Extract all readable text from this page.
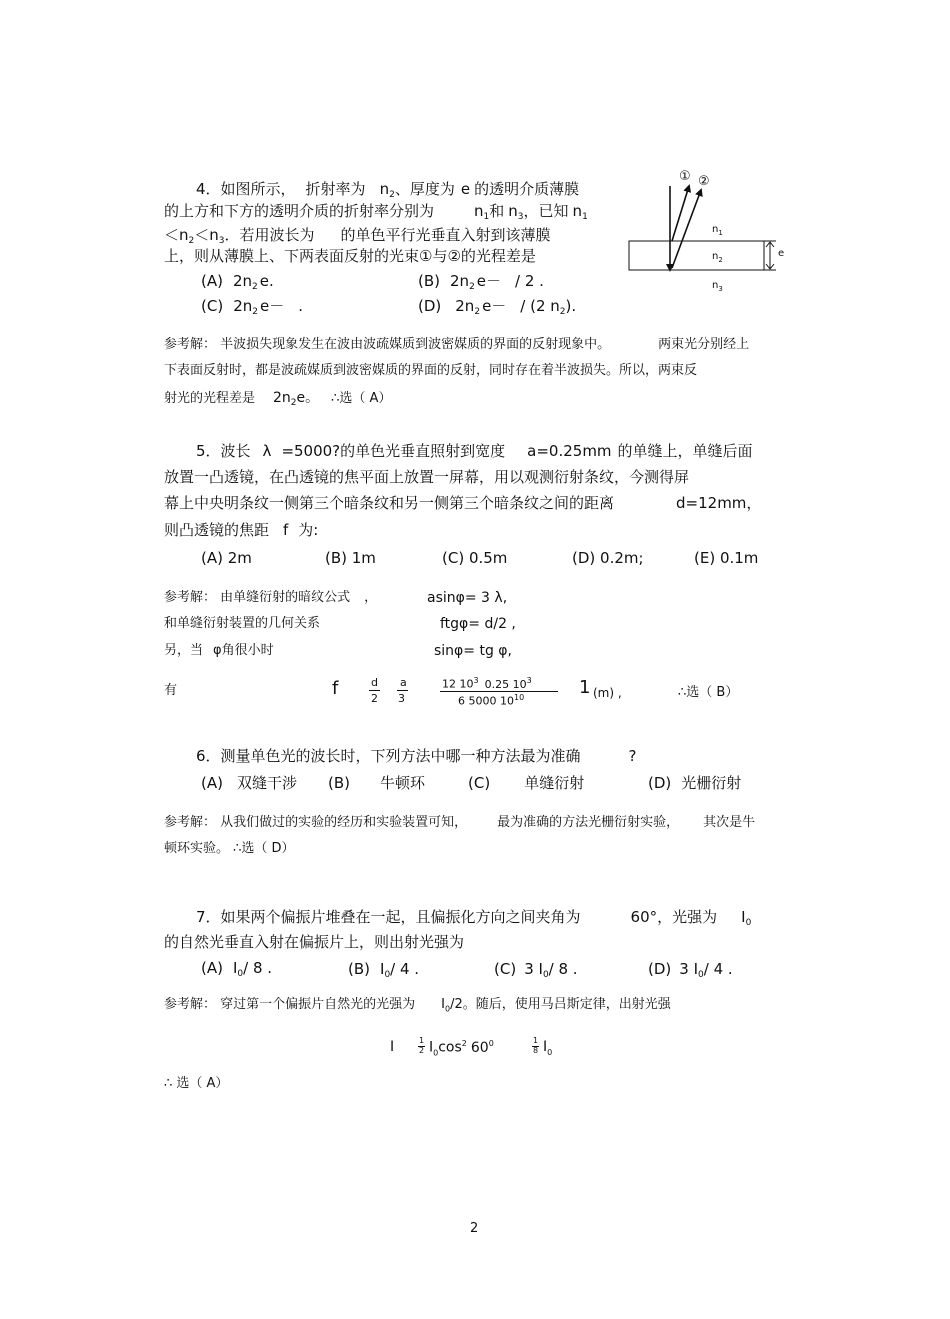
4．如图所示， 折射率为 $n_2$、厚度为 e 的透明介质薄膜
的上方和下方的透明介质的折射率分别为	$n_1$和 $n_3$，已知 $n_1$
$<n_2<n_3$．若用波长为 的单色平行光垂直入射到该薄膜
上，则从薄膜上、下两表面反射的光束①与②的光程差是
(A) $2n_2$ e.	(B) $2n_2$ e－ / 2 .
(C) $2n_2$ e－ .	(D) $2n_2$ e－ / (2 $n_2$).
① ②
$n_1$
$n_2$
$n_3$
e
参考解： 半波损失现象发生在波由波疏媒质到波密媒质的界面的反射现象中。	两束光分别经上
下表面反射时，都是波疏媒质到波密媒质的界面的反射，同时存在着半波损失。所以，两束反
射光的光程差是 $2n_2e$。 ∴选（ A）
5．波长 λ =5000?的单色光垂直照射到宽度 a=0.25mm 的单缝上，单缝后面
放置一凸透镜，在凸透镜的焦平面上放置一屏幕，用以观测衍射条纹，今测得屏
幕上中央明条纹一侧第三个暗条纹和另一侧第三个暗条纹之间的距离	d=12mm，
则凸透镜的焦距 f 为:
(A) 2m	(B) 1m	(C) 0.5m	(D) 0.2m;	(E) 0.1m
参考解： 由单缝衍射的暗纹公式 ，	asinφ= 3 λ,
和单缝衍射装置的几何关系	ftgφ= d/2 ,
另，当 φ角很小时	sinφ= tg φ,
有	f	d
2
a
3
12 $10^3$ 0.25 $10^3$
6 5000 $10^{10}$	1 (m) ,	∴选（ B）
6．测量单色光的波长时，下列方法中哪一种方法最为准确	?
(A) 双缝干涉 (B) 牛顿环	(C) 单缝衍射	(D) 光栅衍射
参考解： 从我们做过的实验的经历和实验装置可知， 最为准确的方法光栅衍射实验， 其次是牛
顿环实验。 ∴选（ D）
7．如果两个偏振片堆叠在一起，且偏振化方向之间夹角为	60°，光强为 $I_0$
的自然光垂直入射在偏振片上，则出射光强为
(A) $I_0/$ 8 .	(B) $I_0/$ 4 .	(C) 3 $I_0/$ 8 .	(D) 3 $I_0/$ 4 .
参考解： 穿过第一个偏振片自然光的光强为 $I_0/2$。随后，使用马吕斯定律，出射光强
I	1
2 $I_0\cos^2$ $60^0$	1
8 $I_0$
∴ 选（ A）
2
